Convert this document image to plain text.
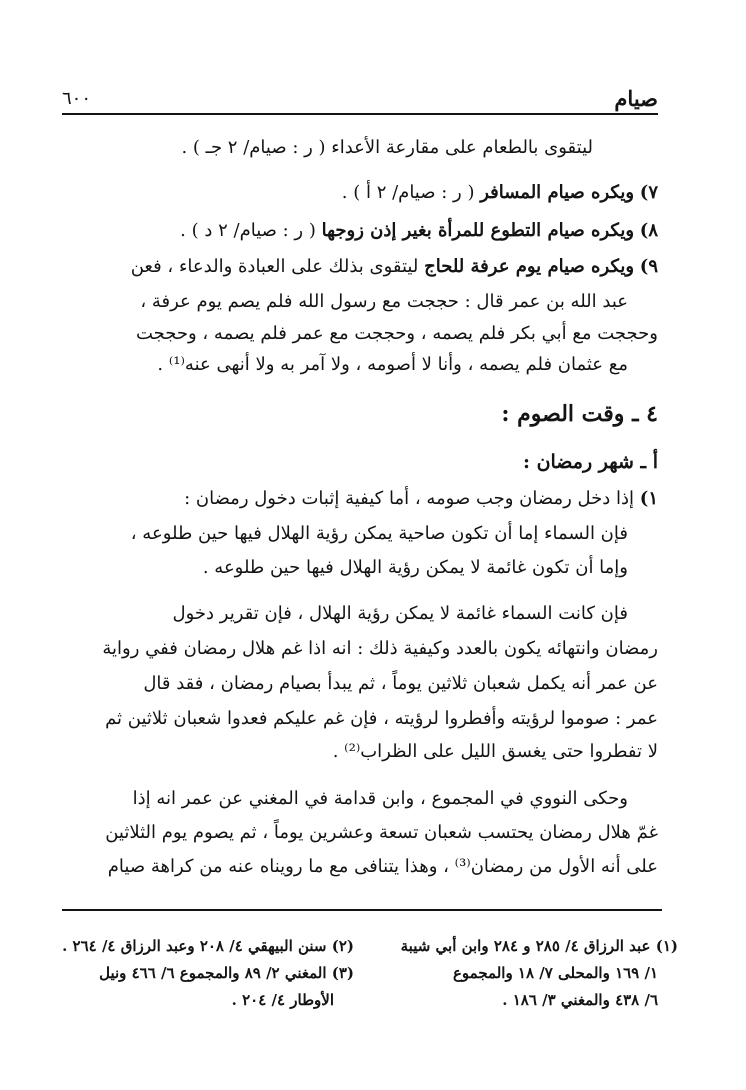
صيام
٦٠٠
ليتقوى بالطعام على مقارعة الأعداء ( ر : صيام/ ٢ جـ ) .
٧) ويكره صيام المسافر ( ر : صيام/ ٢ أ ) .
٨) ويكره صيام التطوع للمرأة بغير إذن زوجها ( ر : صيام/ ٢ د ) .
٩) ويكره صيام يوم عرفة للحاج ليتقوى بذلك على العبادة والدعاء ، فعن
عبد الله بن عمر قال : حججت مع رسول الله فلم يصم يوم عرفة ،
وحججت مع أبي بكر فلم يصمه ، وحججت مع عمر فلم يصمه ، وحججت
مع عثمان فلم يصمه ، وأنا لا أصومه ، ولا آمر به ولا أنهى عنه⁽¹⁾ .
٤ ـ وقت الصوم :
أ ـ شهر رمضان :
١) إذا دخل رمضان وجب صومه ، أما كيفية إثبات دخول رمضان :
فإن السماء إما أن تكون صاحية يمكن رؤية الهلال فيها حين طلوعه ،
وإما أن تكون غائمة لا يمكن رؤية الهلال فيها حين طلوعه .
فإن كانت السماء غائمة لا يمكن رؤية الهلال ، فإن تقرير دخول
رمضان وانتهائه يكون بالعدد وكيفية ذلك : انه اذا غم هلال رمضان ففي رواية
عن عمر أنه يكمل شعبان ثلاثين يوماً ، ثم يبدأ بصيام رمضان ، فقد قال
عمر : صوموا لرؤيته وأفطروا لرؤيته ، فإن غم عليكم فعدوا شعبان ثلاثين ثم
لا تفطروا حتى يغسق الليل على الظراب⁽²⁾ .
وحكى النووي في المجموع ، وابن قدامة في المغني عن عمر انه إذا
غمّ هلال رمضان يحتسب شعبان تسعة وعشرين يوماً ، ثم يصوم يوم الثلاثين
على أنه الأول من رمضان⁽³⁾ ، وهذا يتنافى مع ما رويناه عنه من كراهة صيام
(١) عبد الرزاق ٤/ ٢٨٥ و ٢٨٤ وابن أبي شيبة
١/ ١٦٩ والمحلى ٧/ ١٨ والمجموع
٦/ ٤٣٨ والمغني ٣/ ١٨٦ .
(٢) سنن البيهقي ٤/ ٢٠٨ وعبد الرزاق ٤/ ٢٦٤ .
(٣) المغني ٢/ ٨٩ والمجموع ٦/ ٤٦٦ ونيل
الأوطار ٤/ ٢٠٤ .
